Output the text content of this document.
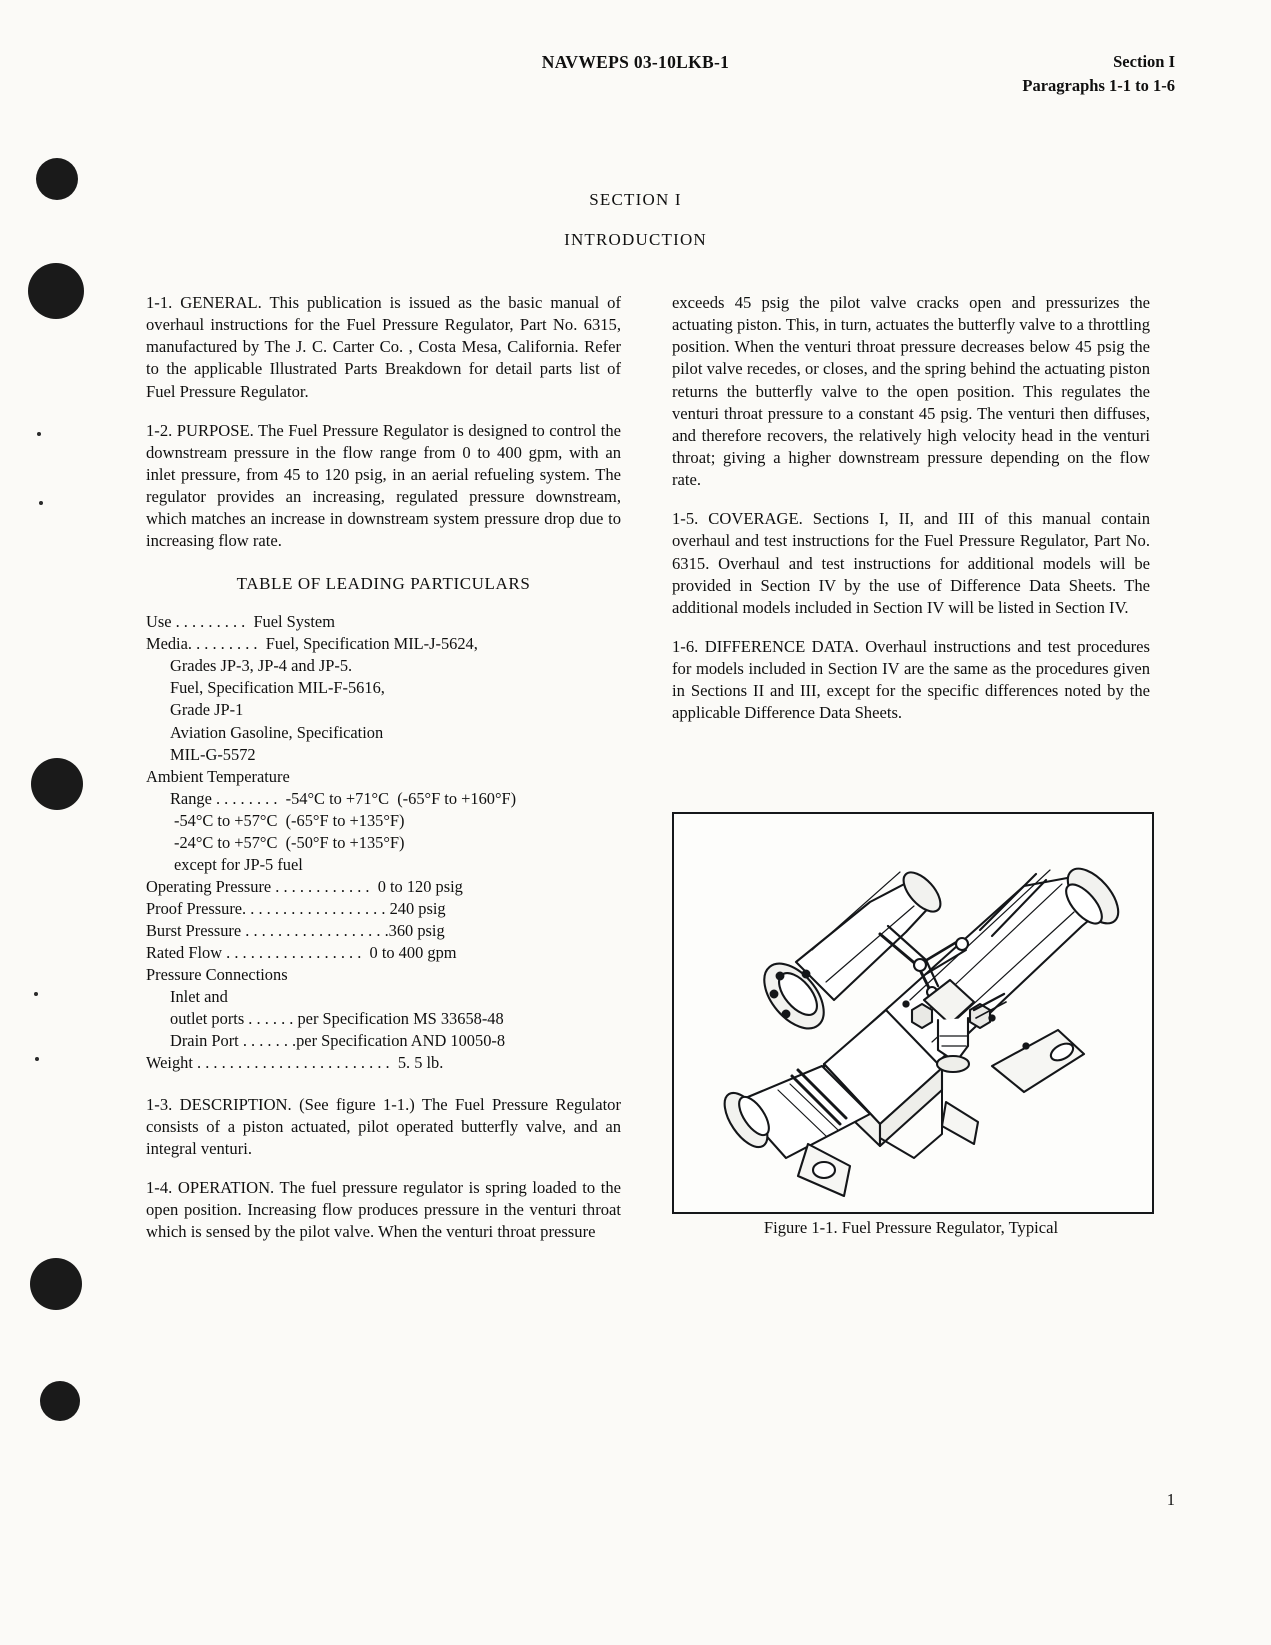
NAVWEPS 03-10LKB-1	Section I
Paragraphs 1-1 to 1-6
SECTION I
INTRODUCTION

1-1. GENERAL. This publication is issued as the basic manual of overhaul instructions for the Fuel Pressure Regulator, Part No. 6315, manufactured by The J. C. Carter Co. , Costa Mesa, California. Refer to the applicable Illustrated Parts Breakdown for detail parts list of Fuel Pressure Regulator.

1-2. PURPOSE. The Fuel Pressure Regulator is designed to control the downstream pressure in the flow range from 0 to 400 gpm, with an inlet pressure, from 45 to 120 psig, in an aerial refueling system. The regulator provides an increasing, regulated pressure downstream, which matches an increase in downstream system pressure drop due to increasing flow rate.

TABLE OF LEADING PARTICULARS
Use . . . . . . . . .  Fuel System
Media. . . . . . . . .  Fuel, Specification MIL-J-5624,
Grades JP-3, JP-4 and JP-5.
Fuel, Specification MIL-F-5616,
Grade JP-1
Aviation Gasoline, Specification
MIL-G-5572
Ambient Temperature
Range . . . . . . . .  -54°C to +71°C  (-65°F to +160°F)
-54°C to +57°C  (-65°F to +135°F)
-24°C to +57°C  (-50°F to +135°F)
except for JP-5 fuel
Operating Pressure . . . . . . . . . . . .  0 to 120 psig
Proof Pressure. . . . . . . . . . . . . . . . . . 240 psig
Burst Pressure . . . . . . . . . . . . . . . . . .360 psig
Rated Flow . . . . . . . . . . . . . . . . .  0 to 400 gpm
Pressure Connections
Inlet and
outlet ports . . . . . . per Specification MS 33658-48
Drain Port . . . . . . .per Specification AND 10050-8
Weight . . . . . . . . . . . . . . . . . . . . . . . .  5. 5 lb.

1-3. DESCRIPTION. (See figure 1-1.) The Fuel Pressure Regulator consists of a piston actuated, pilot operated butterfly valve, and an integral venturi.

1-4. OPERATION. The fuel pressure regulator is spring loaded to the open position. Increasing flow produces pressure in the venturi throat which is sensed by the pilot valve. When the venturi throat pressure

exceeds 45 psig the pilot valve cracks open and pressurizes the actuating piston. This, in turn, actuates the butterfly valve to a throttling position. When the venturi throat pressure decreases below 45 psig the pilot valve recedes, or closes, and the spring behind the actuating piston returns the butterfly valve to the open position. This regulates the venturi throat pressure to a constant 45 psig. The venturi then diffuses, and therefore recovers, the relatively high velocity head in the venturi throat; giving a higher downstream pressure depending on the flow rate.

1-5. COVERAGE. Sections I, II, and III of this manual contain overhaul and test instructions for the Fuel Pressure Regulator, Part No. 6315. Overhaul and test instructions for additional models will be provided in Section IV by the use of Difference Data Sheets. The additional models included in Section IV will be listed in Section IV.

1-6. DIFFERENCE DATA. Overhaul instructions and test procedures for models included in Section IV are the same as the procedures given in Sections II and III, except for the specific differences noted by the applicable Difference Data Sheets.

Figure 1-1. Fuel Pressure Regulator, Typical
1
